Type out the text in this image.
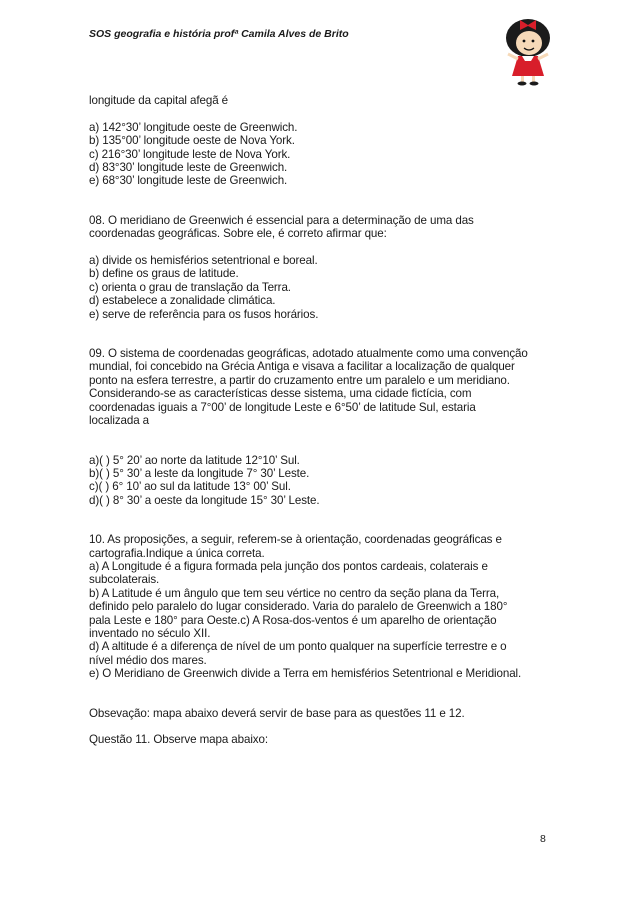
SOS geografia e história profª Camila Alves de Brito
longitude da capital afegã é
a) 142°30’ longitude oeste de Greenwich.
b) 135°00’ longitude oeste de Nova York.
c) 216°30’ longitude leste de Nova York.
d) 83°30’ longitude leste de Greenwich.
e) 68°30’ longitude leste de Greenwich.
08. O meridiano de Greenwich é essencial para a determinação de uma das
coordenadas geográficas. Sobre ele, é correto afirmar que:
a) divide os hemisférios setentrional e boreal.
b) define os graus de latitude.
c) orienta o grau de translação da Terra.
d) estabelece a zonalidade climática.
e) serve de referência para os fusos horários.
09. O sistema de coordenadas geográficas, adotado atualmente como uma convenção
mundial, foi concebido na Grécia Antiga e visava a facilitar a localização de qualquer
ponto na esfera terrestre, a partir do cruzamento entre um paralelo e um meridiano.
Considerando-se as características desse sistema, uma cidade fictícia, com
coordenadas iguais a 7°00’ de longitude Leste e 6°50’ de latitude Sul, estaria
localizada a
a)( ) 5° 20’ ao norte da latitude 12°10’ Sul.
b)( ) 5° 30’ a leste da longitude 7° 30’ Leste.
c)( ) 6° 10’ ao sul da latitude 13° 00’ Sul.
d)( ) 8° 30’ a oeste da longitude 15° 30’ Leste.
10. As proposições, a seguir, referem-se à orientação, coordenadas geográficas e
cartografia.Indique a única correta.
a) A Longitude é a figura formada pela junção dos pontos cardeais, colaterais e
subcolaterais.
b) A Latitude é um ângulo que tem seu vértice no centro da seção plana da Terra,
definido pelo paralelo do lugar considerado. Varia do paralelo de Greenwich a 180°
pala Leste e 180° para Oeste.c) A Rosa-dos-ventos é um aparelho de orientação
inventado no século XII.
d) A altitude é a diferença de nível de um ponto qualquer na superfície terrestre e o
nível médio dos mares.
e) O Meridiano de Greenwich divide a Terra em hemisférios Setentrional e Meridional.
Obsevação: mapa abaixo deverá servir de base para as questões 11 e 12.
Questão 11. Observe mapa abaixo:
8
